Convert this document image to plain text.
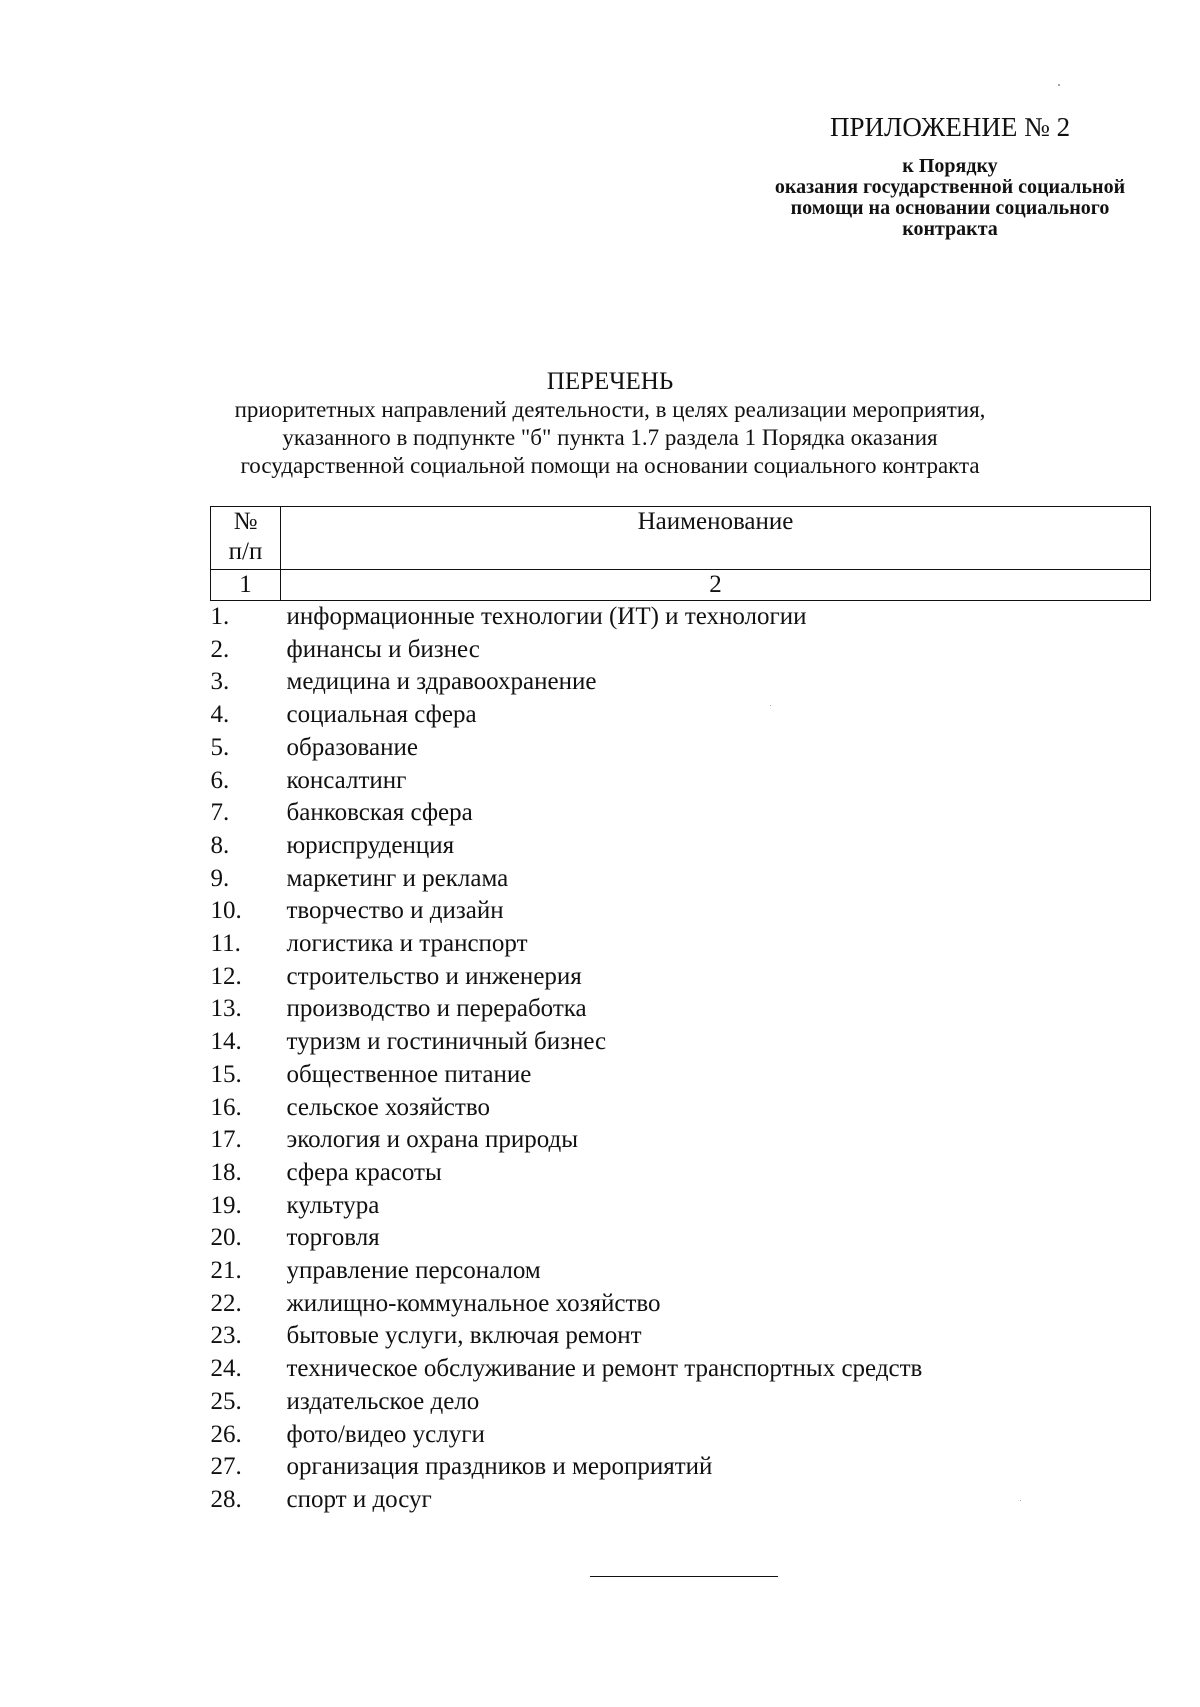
ПРИЛОЖЕНИЕ № 2
к Порядку
оказания государственной социальной
помощи на основании социального
контракта
ПЕРЕЧЕНЬ
приоритетных направлений деятельности, в целях реализации мероприятия,
указанного в подпункте "б" пункта 1.7 раздела 1 Порядка оказания
государственной социальной помощи на основании социального контракта
№
п/п	Наименование
1	2
1.	информационные технологии (ИТ) и технологии
2.	финансы и бизнес
3.	медицина и здравоохранение
4.	социальная сфера
5.	образование
6.	консалтинг
7.	банковская сфера
8.	юриспруденция
9.	маркетинг и реклама
10.	творчество и дизайн
11.	логистика и транспорт
12.	строительство и инженерия
13.	производство и переработка
14.	туризм и гостиничный бизнес
15.	общественное питание
16.	сельское хозяйство
17.	экология и охрана природы
18.	сфера красоты
19.	культура
20.	торговля
21.	управление персоналом
22.	жилищно-коммунальное хозяйство
23.	бытовые услуги, включая ремонт
24.	техническое обслуживание и ремонт транспортных средств
25.	издательское дело
26.	фото/видео услуги
27.	организация праздников и мероприятий
28.	спорт и досуг
